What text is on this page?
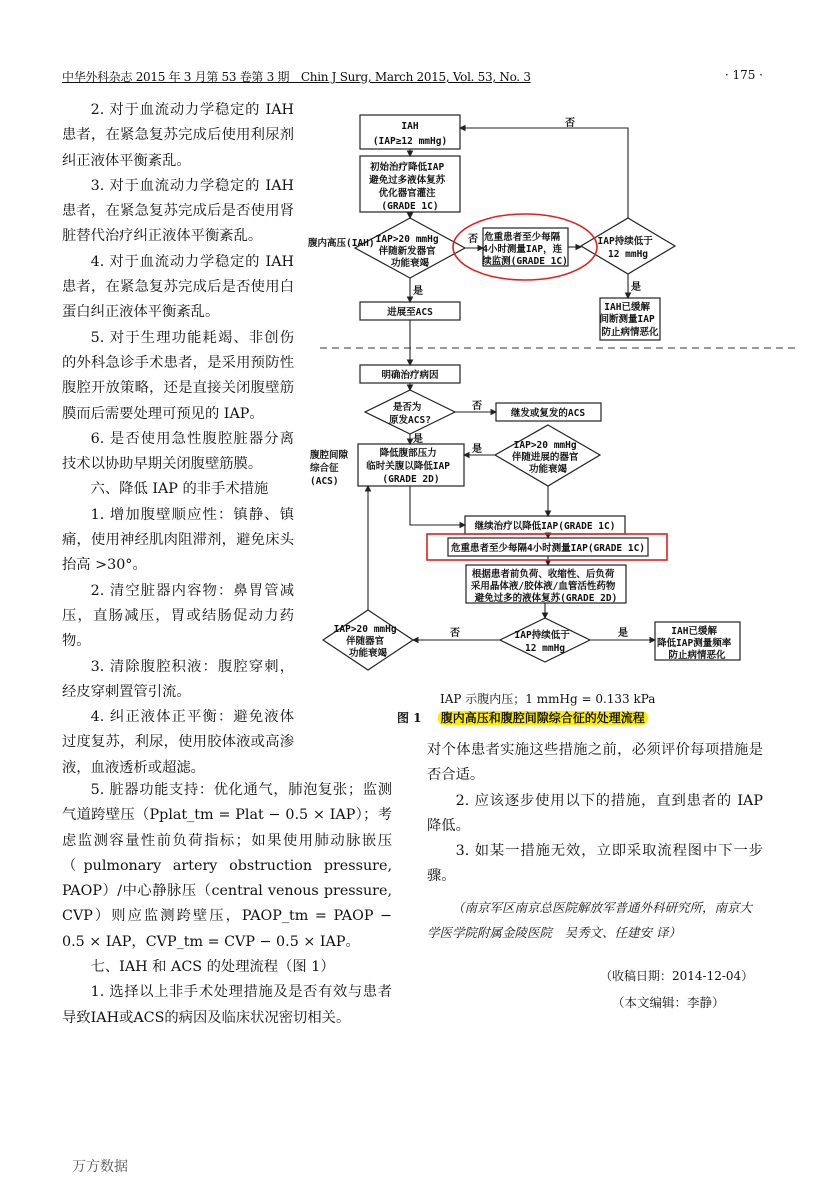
中华外科杂志 2015 年 3 月第 53 卷第 3 期　Chin J Surg, March 2015, Vol. 53, No. 3	· 175 ·

2. 对于血流动力学稳定的 IAH 患者，在紧急复苏完成后使用利尿剂纠正液体平衡紊乱。

3. 对于血流动力学稳定的 IAH 患者，在紧急复苏完成后是否使用肾脏替代治疗纠正液体平衡紊乱。

4. 对于血流动力学稳定的 IAH 患者，在紧急复苏完成后是否使用白蛋白纠正液体平衡紊乱。

5. 对于生理功能耗竭、非创伤的外科急诊手术患者，是采用预防性腹腔开放策略，还是直接关闭腹壁筋膜而后需要处理可预见的 IAP。

6. 是否使用急性腹腔脏器分离技术以协助早期关闭腹壁筋膜。

六、降低 IAP 的非手术措施

1. 增加腹壁顺应性：镇静、镇痛，使用神经肌肉阻滞剂，避免床头抬高 >30°。

2. 清空脏器内容物：鼻胃管减压，直肠减压，胃或结肠促动力药物。

3. 清除腹腔积液：腹腔穿刺，经皮穿刺置管引流。

4. 纠正液体正平衡：避免液体过度复苏，利尿，使用胶体液或高渗液，血液透析或超滤。

5. 脏器功能支持：优化通气，肺泡复张；监测气道跨壁压（Pplat_tm = Plat − 0.5 × IAP）；考虑监测容量性前负荷指标；如果使用肺动脉嵌压（pulmonary artery obstruction pressure, PAOP）/中心静脉压（central venous pressure, CVP）则应监测跨壁压，PAOP_tm = PAOP − 0.5 × IAP，CVP_tm = CVP − 0.5 × IAP。

七、IAH 和 ACS 的处理流程（图 1）

1. 选择以上非手术处理措施及是否有效与患者导致IAH或ACS的病因及临床状况密切相关。

IAH (IAP≥12 mmHg)
初始治疗降低IAP 避免过多液体复苏 优化器官灌注 (GRADE 1C)
IAP>20 mmHg 伴随新发器官 功能衰竭
危重患者至少每隔 4小时测量IAP，连 续监测(GRADE 1C)
IAP持续低于 12 mmHg
IAH已缓解 间断测量IAP 防止病情恶化
进展至ACS
明确治疗病因
是否为 原发ACS?
继发或复发的ACS
降低腹部压力 临时关腹以降低IAP (GRADE 2D)
IAP>20 mmHg 伴随进展的器官 功能衰竭
继续治疗以降低IAP(GRADE 1C)
危重患者至少每隔4小时测量IAP(GRADE 1C)
根据患者前负荷、收缩性、后负荷 采用晶体液/胶体液/血管活性药物 避免过多的液体复苏(GRADE 2D)
IAP持续低于 12 mmHg
IAP>20 mmHg 伴随器官 功能衰竭
IAH已缓解 降低IAP测量频率 防止病情恶化
否
否
是	是
否
是
是
是
否
腹内高压(IAH)
腹腔间隙 综合征 (ACS)
IAP 示腹内压；1 mmHg = 0.133 kPa
图 1 腹内高压和腹腔间隙综合征的处理流程

对个体患者实施这些措施之前，必须评价每项措施是否合适。

2. 应该逐步使用以下的措施，直到患者的 IAP 降低。

3. 如某一措施无效，立即采取流程图中下一步骤。

（南京军区南京总医院解放军普通外科研究所，南京大学医学院附属金陵医院　吴秀文、任建安 译）

（收稿日期：2014-12-04）
（本文编辑：李静）
万方数据
